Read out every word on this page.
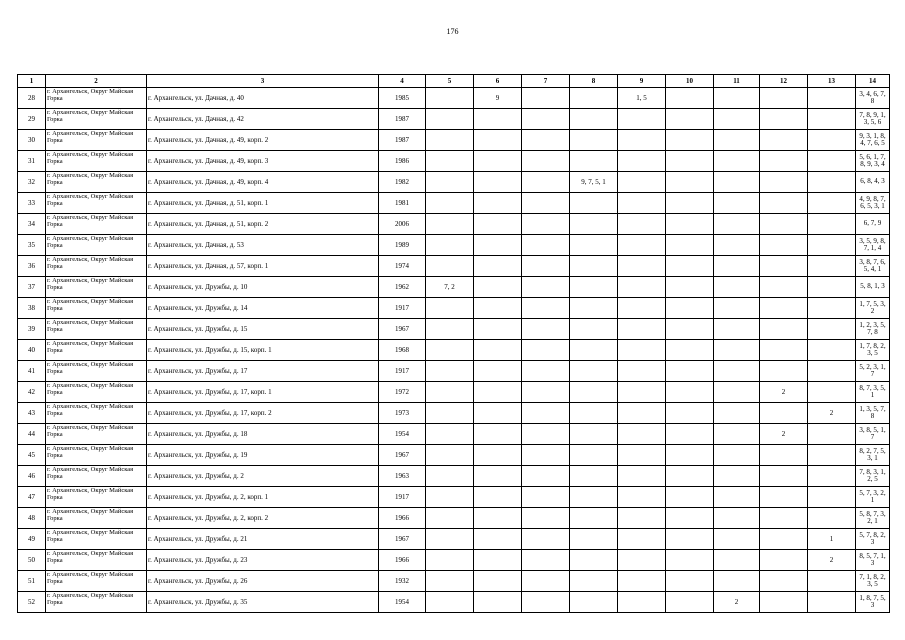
176
1	2	3	4	5	6	7	8	9	10	11	12	13	14
28	г. Архангельск, Округ Майская Горка	г. Архангельск, ул. Дачная, д. 40	1985		9			1, 5					3, 4, 6, 7, 8
29	г. Архангельск, Округ Майская Горка	г. Архангельск, ул. Дачная, д. 42	1987										7, 8, 9, 1, 3, 5, 6
30	г. Архангельск, Округ Майская Горка	г. Архангельск, ул. Дачная, д. 49, корп. 2	1987										9, 3, 1, 8, 4, 7, 6, 5
31	г. Архангельск, Округ Майская Горка	г. Архангельск, ул. Дачная, д. 49, корп. 3	1986										5, 6, 1, 7, 8, 9, 3, 4
32	г. Архангельск, Округ Майская Горка	г. Архангельск, ул. Дачная, д. 49, корп. 4	1982				9, 7, 5, 1						6, 8, 4, 3
33	г. Архангельск, Округ Майская Горка	г. Архангельск, ул. Дачная, д. 51, корп. 1	1981										4, 9, 8, 7, 6, 5, 3, 1
34	г. Архангельск, Округ Майская Горка	г. Архангельск, ул. Дачная, д. 51, корп. 2	2006										6, 7, 9
35	г. Архангельск, Округ Майская Горка	г. Архангельск, ул. Дачная, д. 53	1989										3, 5, 9, 8, 7, 1, 4
36	г. Архангельск, Округ Майская Горка	г. Архангельск, ул. Дачная, д. 57, корп. 1	1974										3, 8, 7, 6, 5, 4, 1
37	г. Архангельск, Округ Майская Горка	г. Архангельск, ул. Дружбы, д. 10	1962	7, 2									5, 8, 1, 3
38	г. Архангельск, Округ Майская Горка	г. Архангельск, ул. Дружбы, д. 14	1917										1, 7, 5, 3, 2
39	г. Архангельск, Округ Майская Горка	г. Архангельск, ул. Дружбы, д. 15	1967										1, 2, 3, 5, 7, 8
40	г. Архангельск, Округ Майская Горка	г. Архангельск, ул. Дружбы, д. 15, корп. 1	1968										1, 7, 8, 2, 3, 5
41	г. Архангельск, Округ Майская Горка	г. Архангельск, ул. Дружбы, д. 17	1917										5, 2, 3, 1, 7
42	г. Архангельск, Округ Майская Горка	г. Архангельск, ул. Дружбы, д. 17, корп. 1	1972								2		8, 7, 3, 5, 1
43	г. Архангельск, Округ Майская Горка	г. Архангельск, ул. Дружбы, д. 17, корп. 2	1973									2	1, 3, 5, 7, 8
44	г. Архангельск, Округ Майская Горка	г. Архангельск, ул. Дружбы, д. 18	1954								2		3, 8, 5, 1, 7
45	г. Архангельск, Округ Майская Горка	г. Архангельск, ул. Дружбы, д. 19	1967										8, 2, 7, 5, 3, 1
46	г. Архангельск, Округ Майская Горка	г. Архангельск, ул. Дружбы, д. 2	1963										7, 8, 3, 1, 2, 5
47	г. Архангельск, Округ Майская Горка	г. Архангельск, ул. Дружбы, д. 2, корп. 1	1917										5, 7, 3, 2, 1
48	г. Архангельск, Округ Майская Горка	г. Архангельск, ул. Дружбы, д. 2, корп. 2	1966										5, 8, 7, 3, 2, 1
49	г. Архангельск, Округ Майская Горка	г. Архангельск, ул. Дружбы, д. 21	1967									1	5, 7, 8, 2, 3
50	г. Архангельск, Округ Майская Горка	г. Архангельск, ул. Дружбы, д. 23	1966									2	8, 5, 7, 1, 3
51	г. Архангельск, Округ Майская Горка	г. Архангельск, ул. Дружбы, д. 26	1932										7, 1, 8, 2, 3, 5
52	г. Архангельск, Округ Майская Горка	г. Архангельск, ул. Дружбы, д. 35	1954							2			1, 8, 7, 5, 3
